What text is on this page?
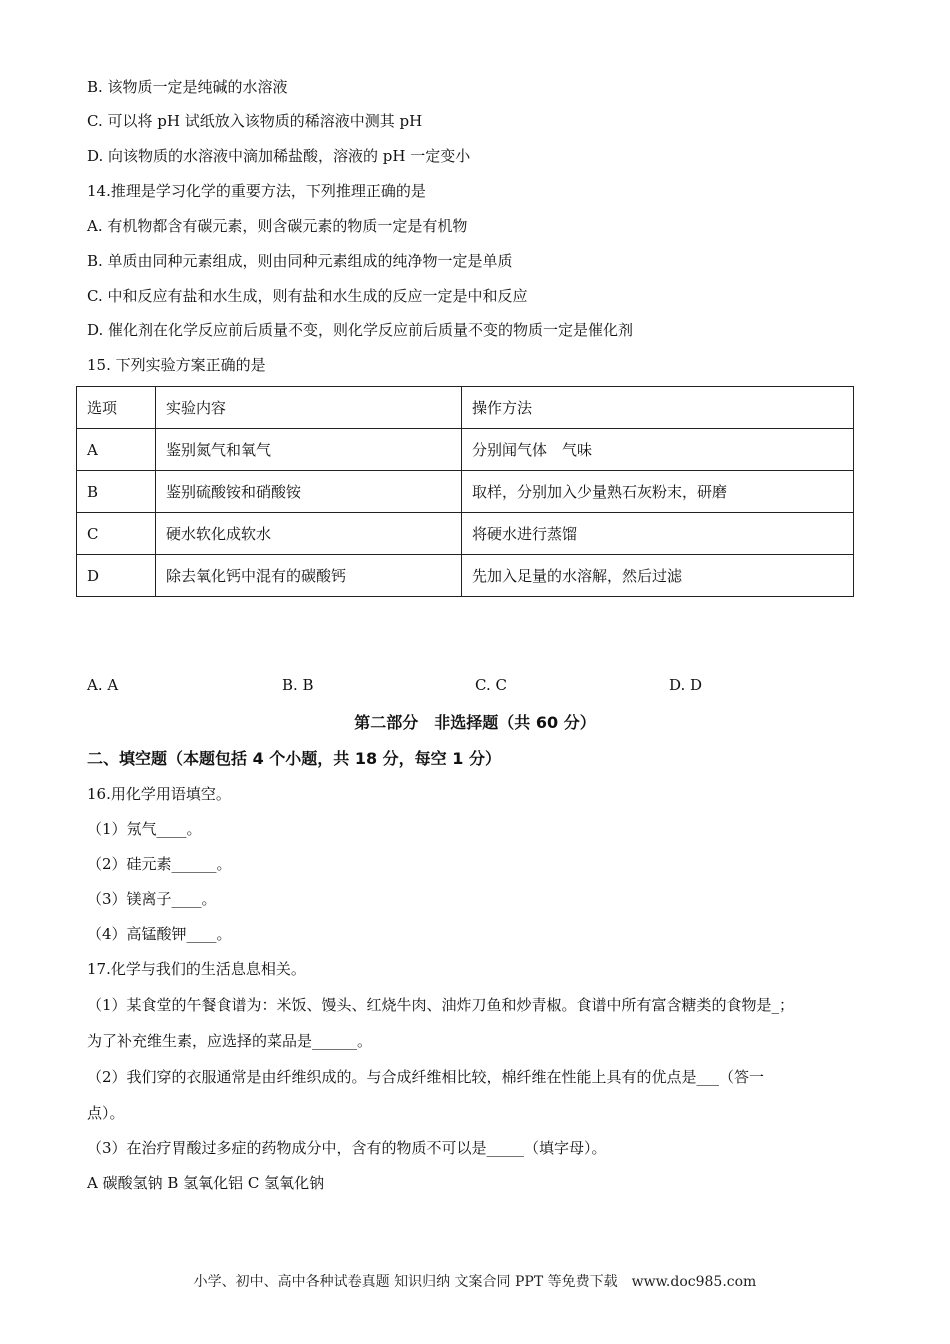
B. 该物质一定是纯碱的水溶液
C. 可以将 pH 试纸放入该物质的稀溶液中测其 pH
D. 向该物质的水溶液中滴加稀盐酸，溶液的 pH 一定变小
14.推理是学习化学的重要方法，下列推理正确的是
A. 有机物都含有碳元素，则含碳元素的物质一定是有机物
B. 单质由同种元素组成，则由同种元素组成的纯净物一定是单质
C. 中和反应有盐和水生成，则有盐和水生成的反应一定是中和反应
D. 催化剂在化学反应前后质量不变，则化学反应前后质量不变的物质一定是催化剂
15. 下列实验方案正确的是
选项	实验内容	操作方法
A	鉴别氮气和氧气	分别闻气体　气味
B	鉴别硫酸铵和硝酸铵	取样，分别加入少量熟石灰粉末，研磨
C	硬水软化成软水	将硬水进行蒸馏
D	除去氧化钙中混有的碳酸钙	先加入足量的水溶解，然后过滤
A. A	B. B	C. C	D. D
第二部分　非选择题（共 60 分）
二、填空题（本题包括 4 个小题，共 18 分，每空 1 分）
16.用化学用语填空。
（1）氖气____。
（2）硅元素______。
（3）镁离子____。
（4）高锰酸钾____。
17.化学与我们的生活息息相关。
（1）某食堂的午餐食谱为：米饭、馒头、红烧牛肉、油炸刀鱼和炒青椒。食谱中所有富含糖类的食物是_；
为了补充维生素，应选择的菜品是______。
（2）我们穿的衣服通常是由纤维织成的。与合成纤维相比较，棉纤维在性能上具有的优点是___（答一
点）。
（3）在治疗胃酸过多症的药物成分中，含有的物质不可以是_____（填字母）。
A 碳酸氢钠 B 氢氧化铝 C 氢氧化钠
小学、初中、高中各种试卷真题 知识归纳 文案合同 PPT 等免费下载　www.doc985.com
